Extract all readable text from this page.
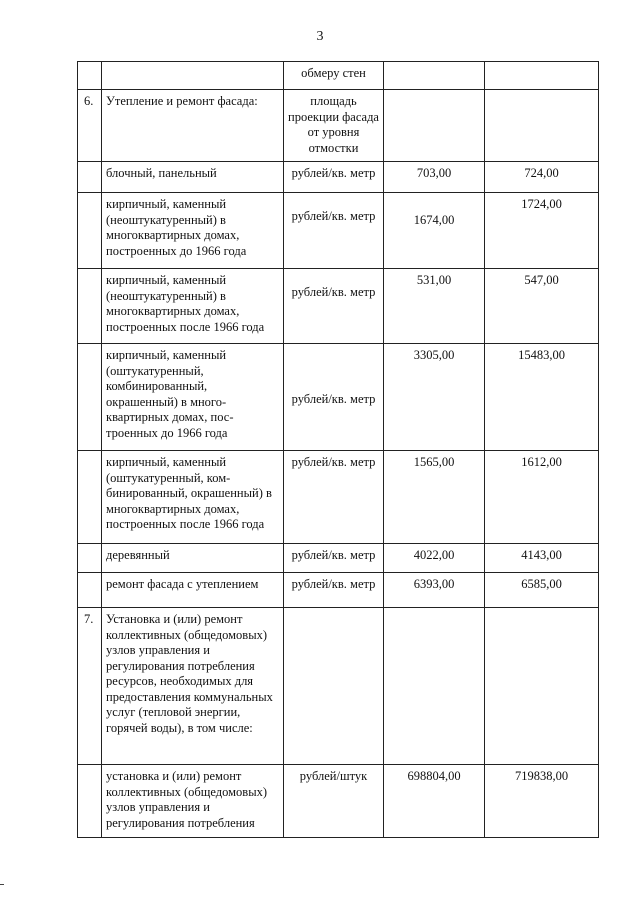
3
		обмеру стен		
6.	Утепление и ремонт фасада:	площадь проекции фасада от уровня отмостки		
	блочный, панельный	рублей/кв. метр	703,00	724,00
	кирпичный, каменный (неоштукатуренный) в многоквартирных домах, построенных до 1966 года	рублей/кв. метр	1674,00	1724,00
	кирпичный, каменный (неоштукатуренный) в многоквартирных домах, построенных после 1966 года	рублей/кв. метр	531,00	547,00
	кирпичный, каменный (оштукатуренный, комбинированный, окрашенный) в много-квартирных домах, пос-троенных до 1966 года	рублей/кв. метр	3305,00	15483,00
	кирпичный, каменный (оштукатуренный, ком-бинированный, окрашенный) в многоквартирных домах, построенных после 1966 года	рублей/кв. метр	1565,00	1612,00
	деревянный	рублей/кв. метр	4022,00	4143,00
	ремонт фасада с утеплением	рублей/кв. метр	6393,00	6585,00
7.	Установка и (или) ремонт коллективных (общедомовых) узлов управления и регулирования потребления ресурсов, необходимых для предоставления коммунальных услуг (тепловой энергии, горячей воды), в том числе:			
	установка и (или) ремонт коллективных (общедомовых) узлов управления и регулирования потребления	рублей/штук	698804,00	719838,00
